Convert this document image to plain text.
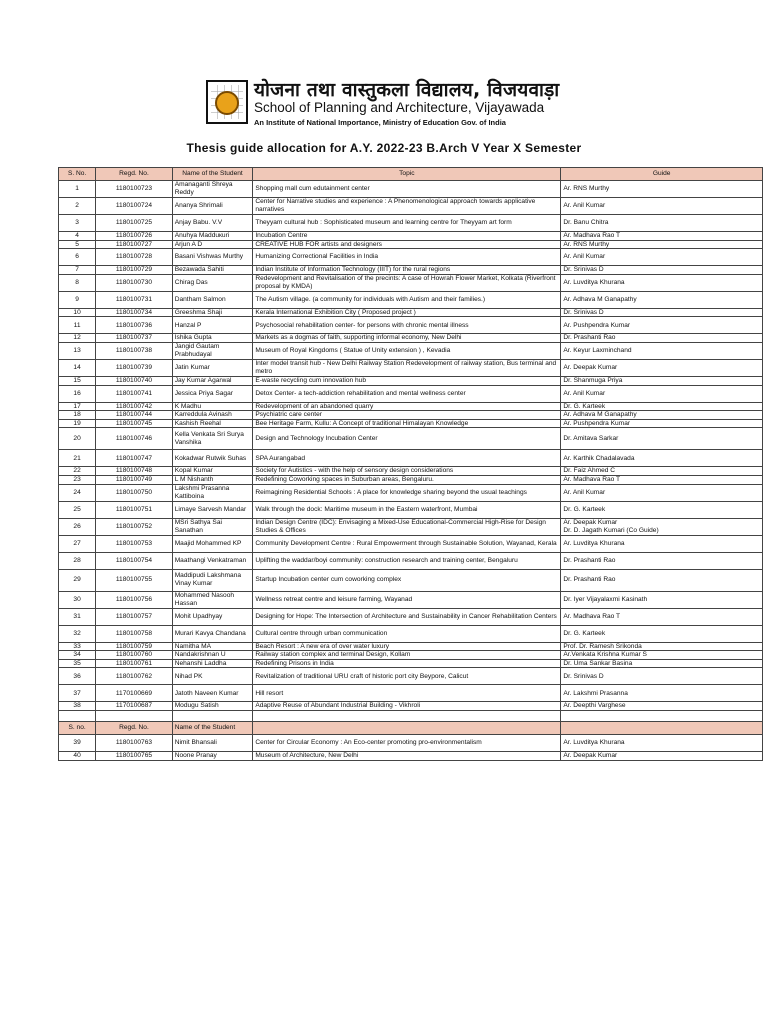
योजना तथा वास्तुकला विद्यालय, विजयवाड़ा
School of Planning and Architecture, Vijayawada
An Institute of National Importance, Ministry of Education Gov. of India
Thesis guide allocation for A.Y. 2022-23 B.Arch V Year X Semester
S. No.	Regd. No.	Name of the Student	Topic	Guide
1	1180100723	Amanaganti Shreya Reddy	Shopping mall cum edutainment center	Ar. RNS Murthy
2	1180100724	Ananya Shrimali	Center for Narrative studies and experience : A Phenomenological approach towards applicative narratives	Ar. Anil Kumar
3	1180100725	Anjay Babu. V.V	Theyyam cultural hub : Sophisticated museum and learning centre for Theyyam art form	Dr. Banu Chitra
4	1180100726	Anuhya Madduкuri	Incubation Centre	Ar. Madhava Rao T
5	1180100727	Arjun A D	CREATIVE HUB FOR artists and designers	Ar. RNS Murthy
6	1180100728	Basani Vishwas Murthy	Humanizing Correctional Facilities in India	Ar. Anil Kumar
7	1180100729	Bezawada Sahiti	Indian Institute of Information Technology (IIIT) for the rural regions	Dr. Srinivas D
8	1180100730	Chirag Das	Redevelopment and Revitalisation of the precints: A case of Howrah Flower Market, Kolkata (Riverfront proposal by KMDA)	Ar. Luvditya Khurana
9	1180100731	Dantham Salmon	The Autism village. (a community for individuals with Autism and their families.)	Ar. Adhava M Ganapathy
10	1180100734	Greeshma Shaji	Kerala International Exhibition City ( Proposed project )	Dr. Srinivas D
11	1180100736	Hanzal P	Psychosocial rehabilitation center- for persons with chronic mental illness	Ar. Pushpendra Kumar
12	1180100737	Ishika Gupta	Markets as a dogmas of faith, supporting informal economy, New Delhi	Dr. Prashanti Rao
13	1180100738	Jangid Gautam Prabhudayal	Museum of Royal Kingdoms ( Statue of Unity extension ) , Kevadia	Ar. Keyur Laxminchand
14	1180100739	Jatin Kumar	Inter model transit hub - New Delhi Railway Station Redevelopment of railway station, Bus terminal and metro	Ar. Deepak Kumar
15	1180100740	Jay Kumar Agarwal	E-waste recycling cum innovation hub	Dr. Shanmuga Priya
16	1180100741	Jessica Priya Sagar	Detox Center- a tech-addiction rehabilitation and mental wellness center	Ar. Anil Kumar
17	1180100742	K Madhu	Redevelopment of an abandoned quarry	Dr. G. Karteek
18	1180100744	Karreddula Avinash	Psychiatric care center	Ar. Adhava M Ganapathy
19	1180100745	Kashish Reehal	Bee Heritage Farm, Kullu: A Concept of traditional Himalayan Knowledge	Ar. Pushpendra Kumar
20	1180100746	Kella Venkata Sri Surya Vanshika	Design and Technology Incubation Center	Dr. Amitava Sarkar
21	1180100747	Kokadwar Rutwik Suhas	SPA Aurangabad	Ar. Karthik Chadalavada
22	1180100748	Kopal Kumar	Society for Autistics - with the help of sensory design considerations	Dr. Faiz Ahmed C
23	1180100749	L M Nishanth	Redefining Coworking spaces in Suburban areas, Bengaluru.	Ar. Madhava Rao T
24	1180100750	Lakshmi Prasanna Kattiboina	Reimagining Residential Schools : A place for knowledge sharing beyond the usual teachings	Ar. Anil Kumar
25	1180100751	Limaye Sarvesh Mandar	Walk through the dock: Maritime museum in the Eastern waterfront, Mumbai	Dr. G. Karteek
26	1180100752	MSri Sathya Sai Sanathan	Indian Design Centre (IDC): Envisaging a Mixed-Use Educational-Commercial High-Rise for Design Studies & Offices	Ar. Deepak Kumar
Dr. D. Jagath Kumari (Co Guide)
27	1180100753	Maajid Mohammed KP	Community Development Centre : Rural Empowerment through Sustainable Solution, Wayanad, Kerala	Ar. Luvditya Khurana
28	1180100754	Maathangi Venkatraman	Uplifting the waddar/boyi community: construction research and training center, Bengaluru	Dr. Prashanti Rao
29	1180100755	Maddipudi Lakshmana Vinay Kumar	Startup Incubation center cum coworking complex	Dr. Prashanti Rao
30	1180100756	Mohammed Nasooh Hassan	Wellness retreat centre and leisure farming, Wayanad	Dr. Iyer Vijayalaxmi Kasinath
31	1180100757	Mohit Upadhyay	Designing for Hope: The Intersection of Architecture and Sustainability in Cancer Rehabilitation Centers	Ar. Madhava Rao T
32	1180100758	Murari Kavya Chandana	Cultural centre through urban communication	Dr. G. Karteek
33	1180100759	Namitha MA	Beach Resort : A new era of over water luxury	Prof. Dr. Ramesh Srikonda
34	1180100760	Nandakrishnan U	Railway station complex and terminal Design, Kollam	Ar.Venkata Krishna Kumar S
35	1180100761	Nehanshi Laddha	Redefining Prisons in India	Dr. Uma Sankar Basina
36	1180100762	Nihad PK	Revitalization of traditional URU craft of historic port city Beypore, Calicut	Dr. Srinivas D
37	1170100669	Jatoth Naveen Kumar	Hill resort	Ar. Lakshmi Prasanna
38	1170100687	Modugu Satish	Adaptive Reuse of Abundant Industrial Building - Vikhroli	Ar. Deepthi Varghese

S. no.	Regd. No.	Name of the Student		
39	1180100763	Nimit Bhansali	Center for Circular Economy : An Eco-center promoting pro-environmentalism	Ar. Luvditya Khurana
40	1180100765	Noone Pranay	Museum of Architecture, New Delhi	Ar. Deepak Kumar
